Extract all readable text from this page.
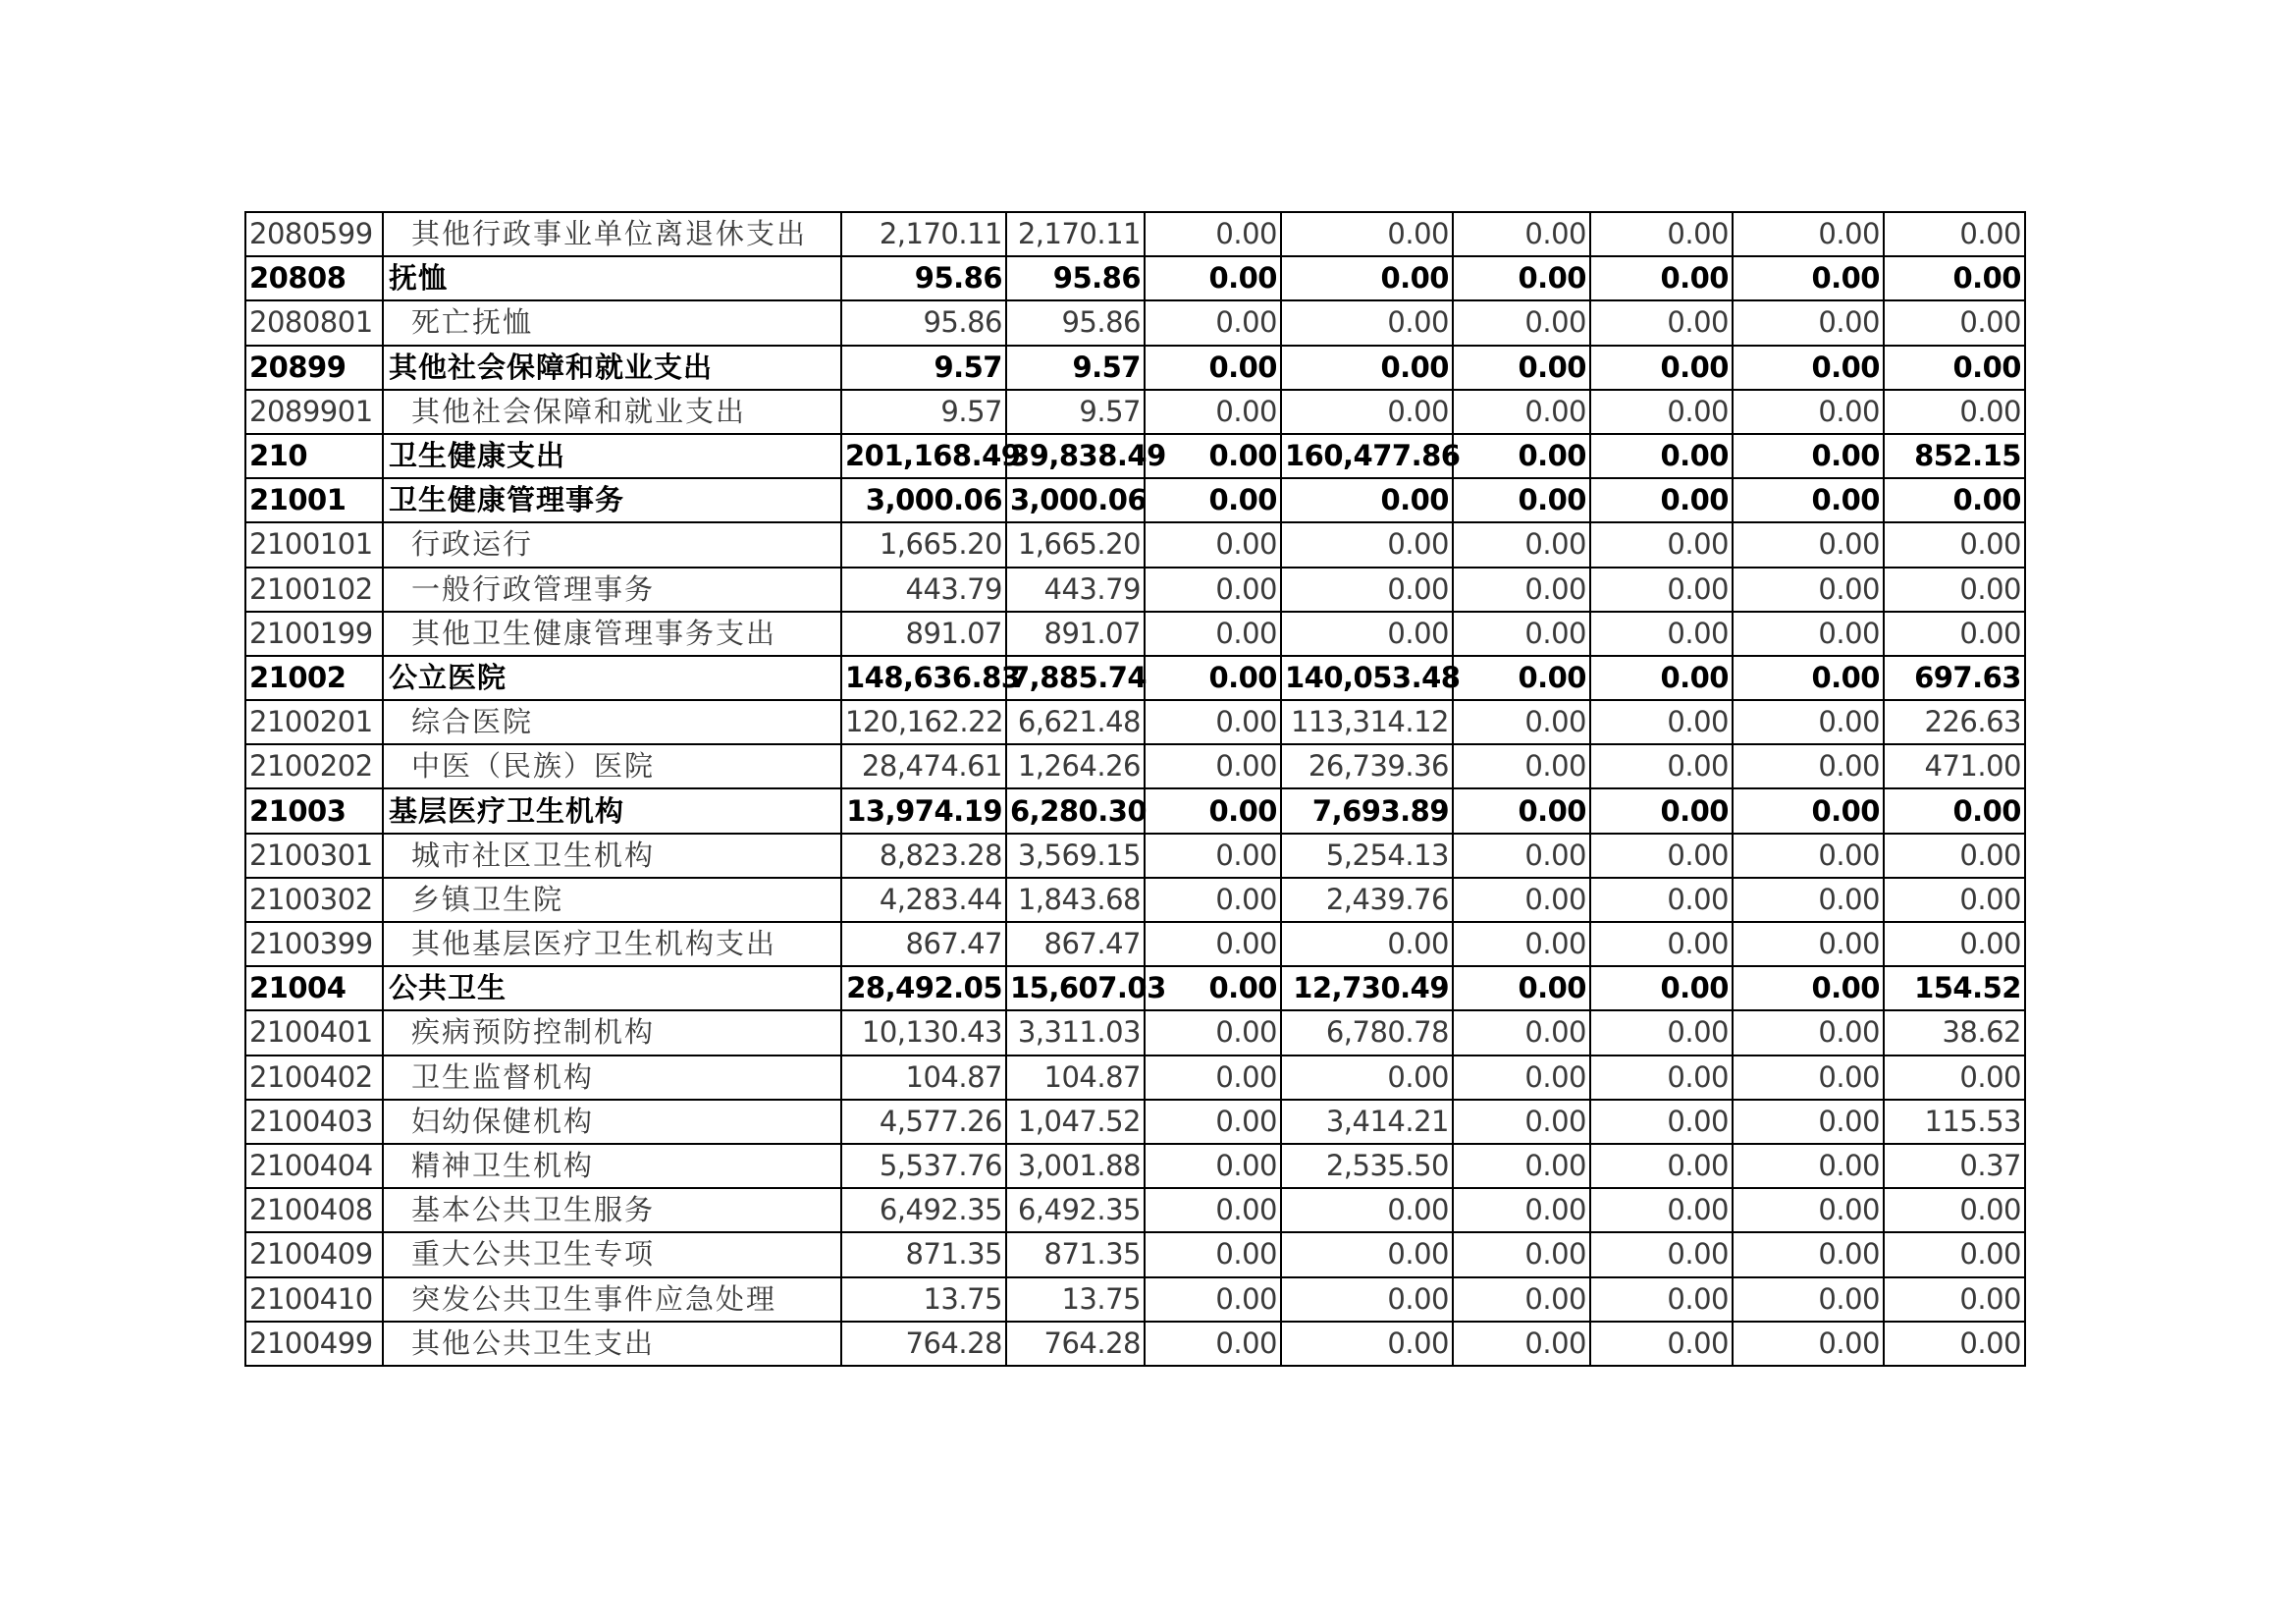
2080599	其他行政事业单位离退休支出	2,170.11	2,170.11	0.00	0.00	0.00	0.00	0.00	0.00
20808	抚恤	95.86	95.86	0.00	0.00	0.00	0.00	0.00	0.00
2080801	死亡抚恤	95.86	95.86	0.00	0.00	0.00	0.00	0.00	0.00
20899	其他社会保障和就业支出	9.57	9.57	0.00	0.00	0.00	0.00	0.00	0.00
2089901	其他社会保障和就业支出	9.57	9.57	0.00	0.00	0.00	0.00	0.00	0.00
210	卫生健康支出	201,168.49	39,838.49	0.00	160,477.86	0.00	0.00	0.00	852.15
21001	卫生健康管理事务	3,000.06	3,000.06	0.00	0.00	0.00	0.00	0.00	0.00
2100101	行政运行	1,665.20	1,665.20	0.00	0.00	0.00	0.00	0.00	0.00
2100102	一般行政管理事务	443.79	443.79	0.00	0.00	0.00	0.00	0.00	0.00
2100199	其他卫生健康管理事务支出	891.07	891.07	0.00	0.00	0.00	0.00	0.00	0.00
21002	公立医院	148,636.83	7,885.74	0.00	140,053.48	0.00	0.00	0.00	697.63
2100201	综合医院	120,162.22	6,621.48	0.00	113,314.12	0.00	0.00	0.00	226.63
2100202	中医（民族）医院	28,474.61	1,264.26	0.00	26,739.36	0.00	0.00	0.00	471.00
21003	基层医疗卫生机构	13,974.19	6,280.30	0.00	7,693.89	0.00	0.00	0.00	0.00
2100301	城市社区卫生机构	8,823.28	3,569.15	0.00	5,254.13	0.00	0.00	0.00	0.00
2100302	乡镇卫生院	4,283.44	1,843.68	0.00	2,439.76	0.00	0.00	0.00	0.00
2100399	其他基层医疗卫生机构支出	867.47	867.47	0.00	0.00	0.00	0.00	0.00	0.00
21004	公共卫生	28,492.05	15,607.03	0.00	12,730.49	0.00	0.00	0.00	154.52
2100401	疾病预防控制机构	10,130.43	3,311.03	0.00	6,780.78	0.00	0.00	0.00	38.62
2100402	卫生监督机构	104.87	104.87	0.00	0.00	0.00	0.00	0.00	0.00
2100403	妇幼保健机构	4,577.26	1,047.52	0.00	3,414.21	0.00	0.00	0.00	115.53
2100404	精神卫生机构	5,537.76	3,001.88	0.00	2,535.50	0.00	0.00	0.00	0.37
2100408	基本公共卫生服务	6,492.35	6,492.35	0.00	0.00	0.00	0.00	0.00	0.00
2100409	重大公共卫生专项	871.35	871.35	0.00	0.00	0.00	0.00	0.00	0.00
2100410	突发公共卫生事件应急处理	13.75	13.75	0.00	0.00	0.00	0.00	0.00	0.00
2100499	其他公共卫生支出	764.28	764.28	0.00	0.00	0.00	0.00	0.00	0.00
